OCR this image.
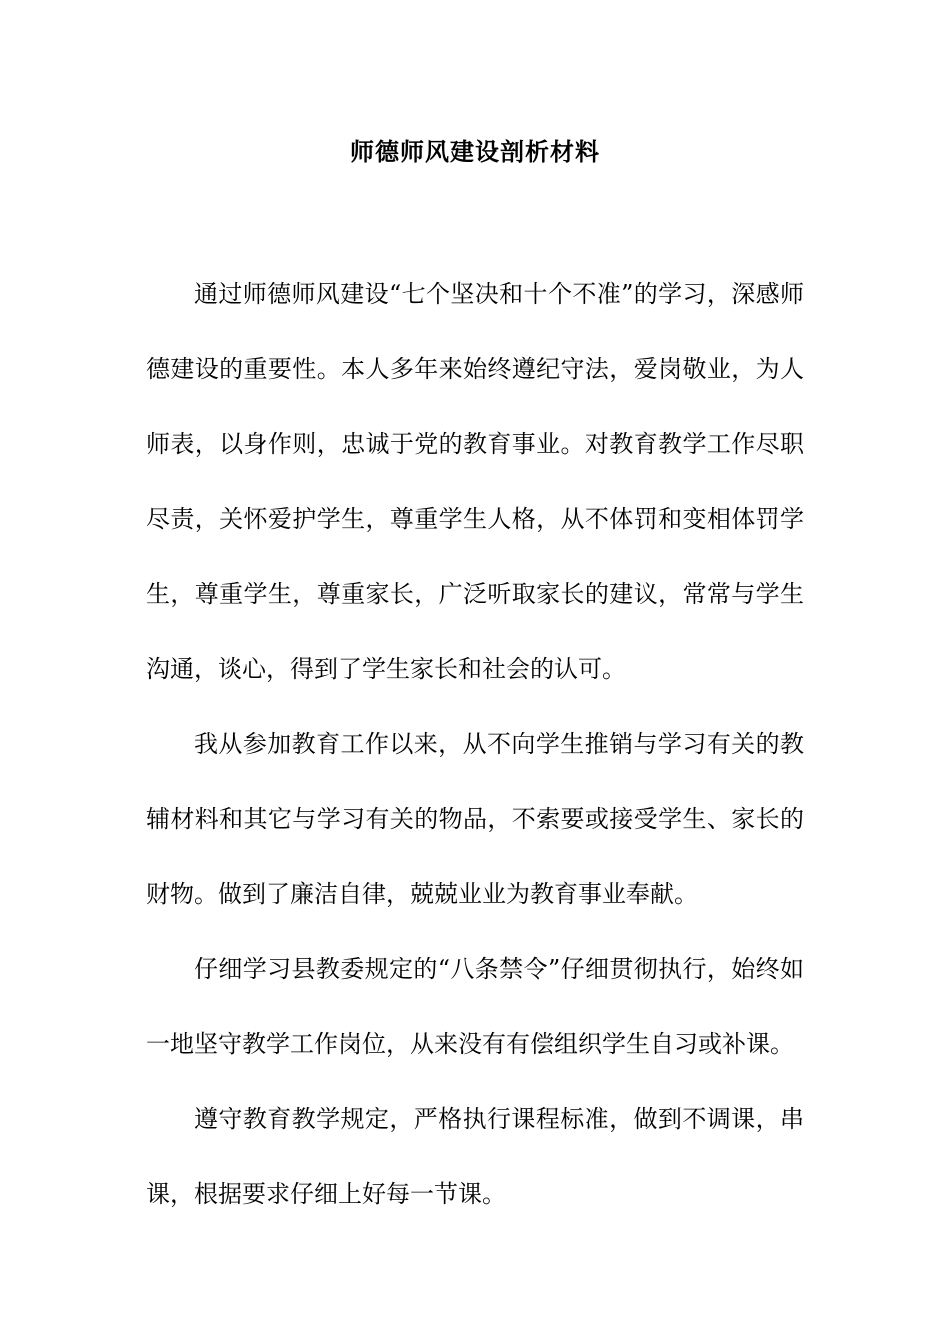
师德师风建设剖析材料

通过师德师风建设“七个坚决和十个不准”的学习，深感师德建设的重要性。本人多年来始终遵纪守法，爱岗敬业，为人师表，以身作则，忠诚于党的教育事业。对教育教学工作尽职尽责，关怀爱护学生，尊重学生人格，从不体罚和变相体罚学生，尊重学生，尊重家长，广泛听取家长的建议，常常与学生沟通，谈心，得到了学生家长和社会的认可。

我从参加教育工作以来，从不向学生推销与学习有关的教辅材料和其它与学习有关的物品，不索要或接受学生、家长的财物。做到了廉洁自律，兢兢业业为教育事业奉献。

仔细学习县教委规定的“八条禁令”仔细贯彻执行，始终如一地坚守教学工作岗位，从来没有有偿组织学生自习或补课。

遵守教育教学规定，严格执行课程标准，做到不调课，串课，根据要求仔细上好每一节课。
